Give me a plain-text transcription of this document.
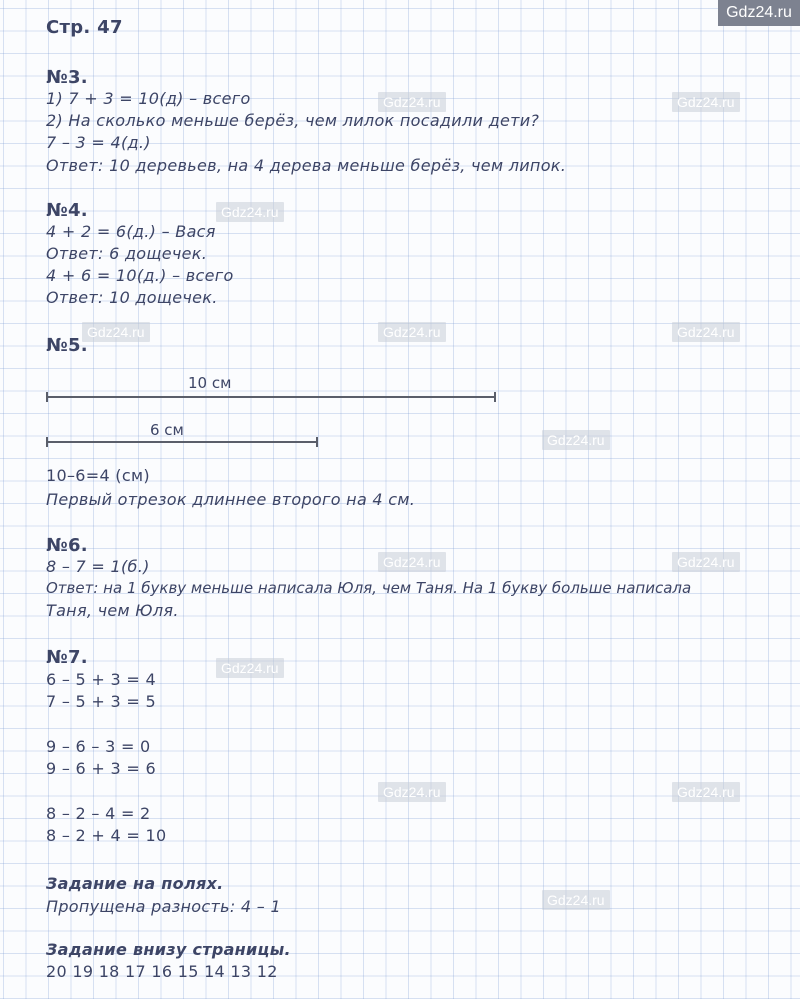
Gdz24.ru
Gdz24.ru	Gdz24.ru
Gdz24.ru
Gdz24.ru	Gdz24.ru	Gdz24.ru
Gdz24.ru
Gdz24.ru	Gdz24.ru
Gdz24.ru
Gdz24.ru	Gdz24.ru
Gdz24.ru
Стр. 47
№3.
1) 7 + 3 = 10(д) – всего
2) На сколько меньше берёз, чем лилок посадили дети?
7 – 3 = 4(д.)
Ответ: 10 деревьев, на 4 дерева меньше берёз, чем липок.
№4.
4 + 2 = 6(д.) – Вася
Ответ: 6 дощечек.
4 + 6 = 10(д.) – всего
Ответ: 10 дощечек.
№5.
10 см
6 см
10–6=4 (см)
Первый отрезок длиннее второго на 4 см.
№6.
8 – 7 = 1(б.)
Ответ: на 1 букву меньше написала Юля, чем Таня. На 1 букву больше написала
Таня, чем Юля.
№7.
6 – 5 + 3 = 4
7 – 5 + 3 = 5
9 – 6 – 3 = 0
9 – 6 + 3 = 6
8 – 2 – 4 = 2
8 – 2 + 4 = 10
Задание на полях.
Пропущена разность: 4 – 1
Задание внизу страницы.
20 19 18 17 16 15 14 13 12
